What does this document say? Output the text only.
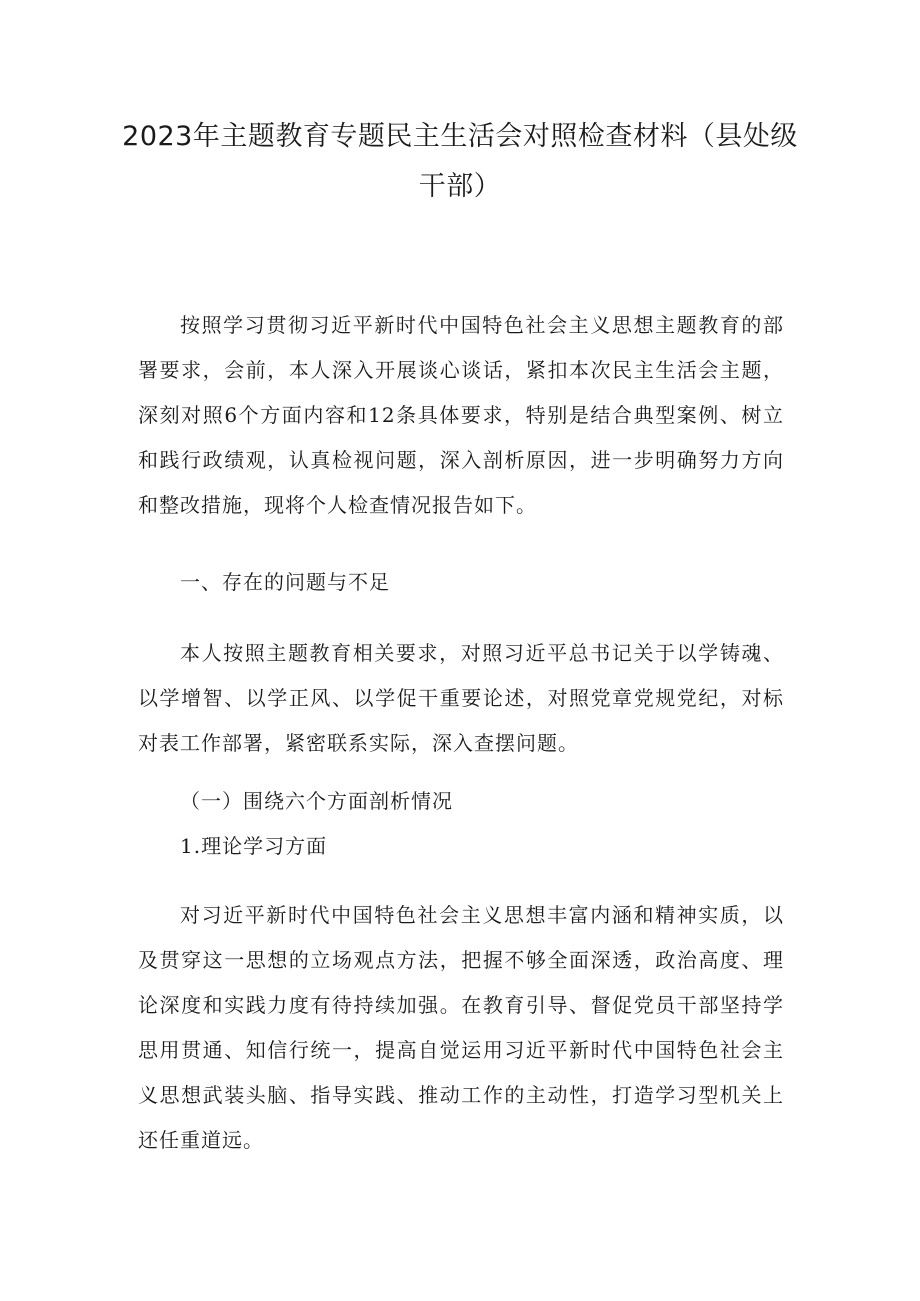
2023年主题教育专题民主生活会对照检查材料（县处级干部）

按照学习贯彻习近平新时代中国特色社会主义思想主题教育的部署要求，会前，本人深入开展谈心谈话，紧扣本次民主生活会主题，深刻对照6个方面内容和12条具体要求，特别是结合典型案例、树立和践行政绩观，认真检视问题，深入剖析原因，进一步明确努力方向和整改措施，现将个人检查情况报告如下。

一、存在的问题与不足

本人按照主题教育相关要求，对照习近平总书记关于以学铸魂、以学增智、以学正风、以学促干重要论述，对照党章党规党纪，对标对表工作部署，紧密联系实际，深入查摆问题。

（一）围绕六个方面剖析情况

1.理论学习方面

对习近平新时代中国特色社会主义思想丰富内涵和精神实质，以及贯穿这一思想的立场观点方法，把握不够全面深透，政治高度、理论深度和实践力度有待持续加强。在教育引导、督促党员干部坚持学思用贯通、知信行统一，提高自觉运用习近平新时代中国特色社会主义思想武装头脑、指导实践、推动工作的主动性，打造学习型机关上还任重道远。
